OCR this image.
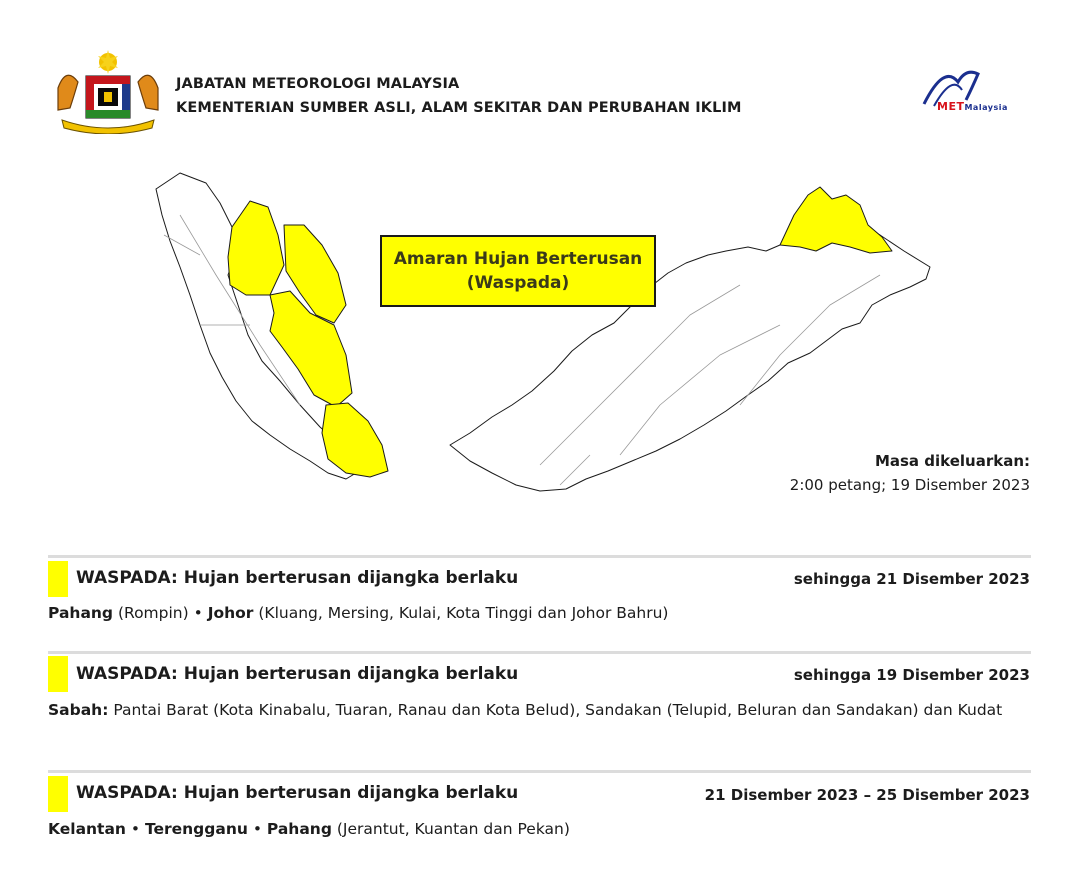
JABATAN METEOROLOGI MALAYSIA
KEMENTERIAN SUMBER ASLI, ALAM SEKITAR DAN PERUBAHAN IKLIM	METMalaysia
Amaran Hujan Berterusan
(Waspada)
Masa dikeluarkan:
2:00 petang; 19 Disember 2023
WASPADA: Hujan berterusan dijangka berlaku	sehingga 21 Disember 2023
Pahang (Rompin) • Johor (Kluang, Mersing, Kulai, Kota Tinggi dan Johor Bahru)
WASPADA: Hujan berterusan dijangka berlaku	sehingga 19 Disember 2023
Sabah: Pantai Barat (Kota Kinabalu, Tuaran, Ranau dan Kota Belud), Sandakan (Telupid, Beluran dan Sandakan) dan Kudat
WASPADA: Hujan berterusan dijangka berlaku	21 Disember 2023 – 25 Disember 2023
Kelantan • Terengganu • Pahang (Jerantut, Kuantan dan Pekan)
